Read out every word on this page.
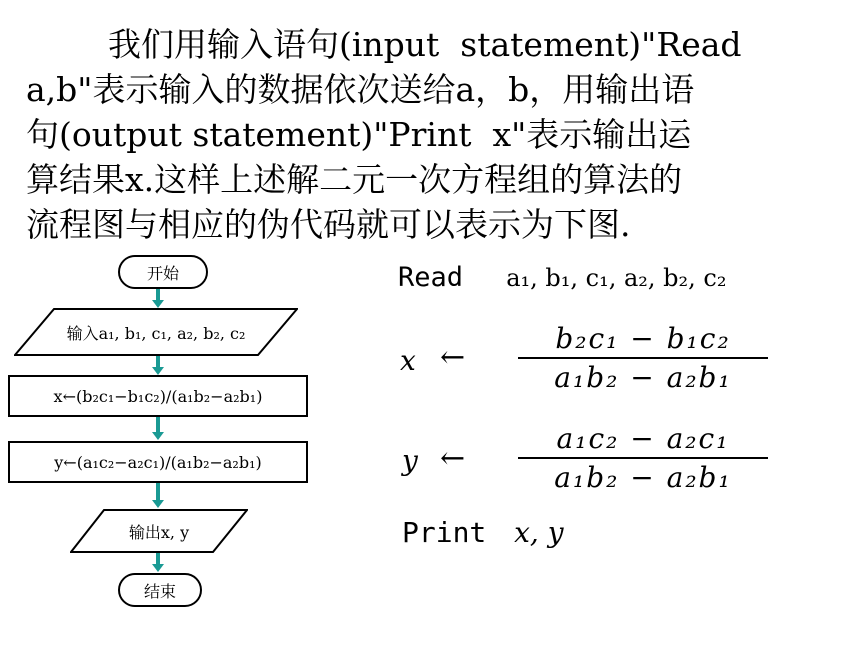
我们用输入语句(input  statement)"Read
a,b"表示输入的数据依次送给a，b，用输出语
句(output statement)"Print  x"表示输出运
算结果x.这样上述解二元一次方程组的算法的
流程图与相应的伪代码就可以表示为下图.
开始
输入a₁, b₁, c₁, a₂, b₂, c₂
x←(b₂c₁−b₁c₂)/(a₁b₂−a₂b₁)
y←(a₁c₂−a₂c₁)/(a₁b₂−a₂b₁)
输出x, y
结束
Read a₁, b₁, c₁, a₂, b₂, c₂
x ←
b₂c₁ − b₁c₂
a₁b₂ − a₂b₁
y ←
a₁c₂ − a₂c₁
a₁b₂ − a₂b₁
Print x, y
